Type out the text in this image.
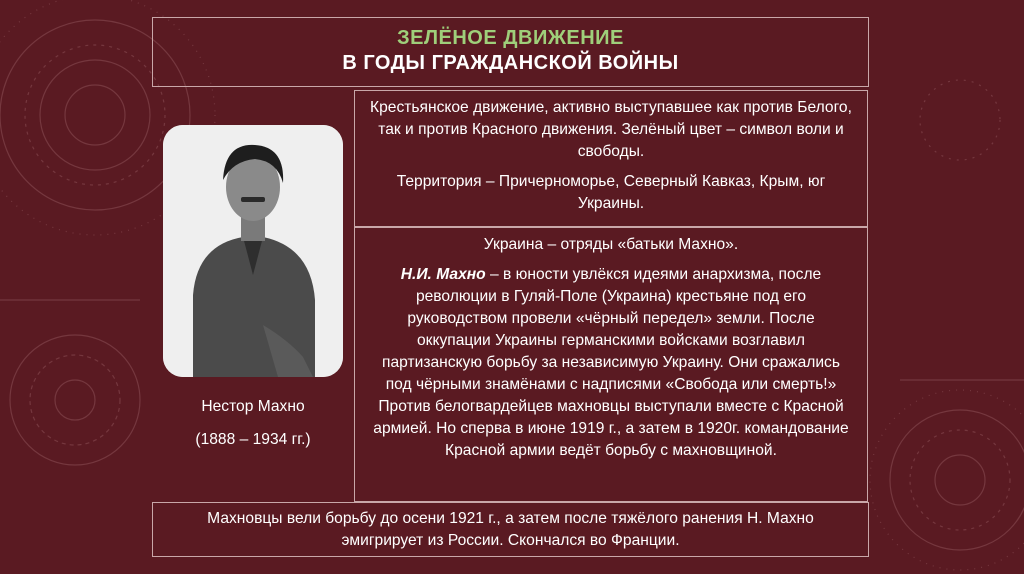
ЗЕЛЁНОЕ ДВИЖЕНИЕ
В ГОДЫ ГРАЖДАНСКОЙ ВОЙНЫ
Нестор Махно
(1888 – 1934 гг.)

Крестьянское движение, активно выступавшее как против Белого, так и против Красного движения. Зелёный цвет – символ воли и свободы.

Территория – Причерноморье, Северный Кавказ, Крым, юг Украины.

Украина – отряды «батьки Махно».

Н.И. Махно – в юности увлёкся идеями анархизма, после революции в Гуляй-Поле (Украина) крестьяне под его руководством провели «чёрный передел» земли. После оккупации Украины германскими войсками возглавил партизанскую борьбу за независимую Украину. Они сражались под чёрными знамёнами с надписями «Свобода или смерть!» Против белогвардейцев махновцы выступали вместе с Красной армией. Но сперва в июне 1919 г., а затем в 1920г. командование Красной армии ведёт борьбу с махновщиной.

Махновцы вели борьбу до осени 1921 г., а затем после тяжёлого ранения Н. Махно эмигрирует из России. Скончался во Франции.
